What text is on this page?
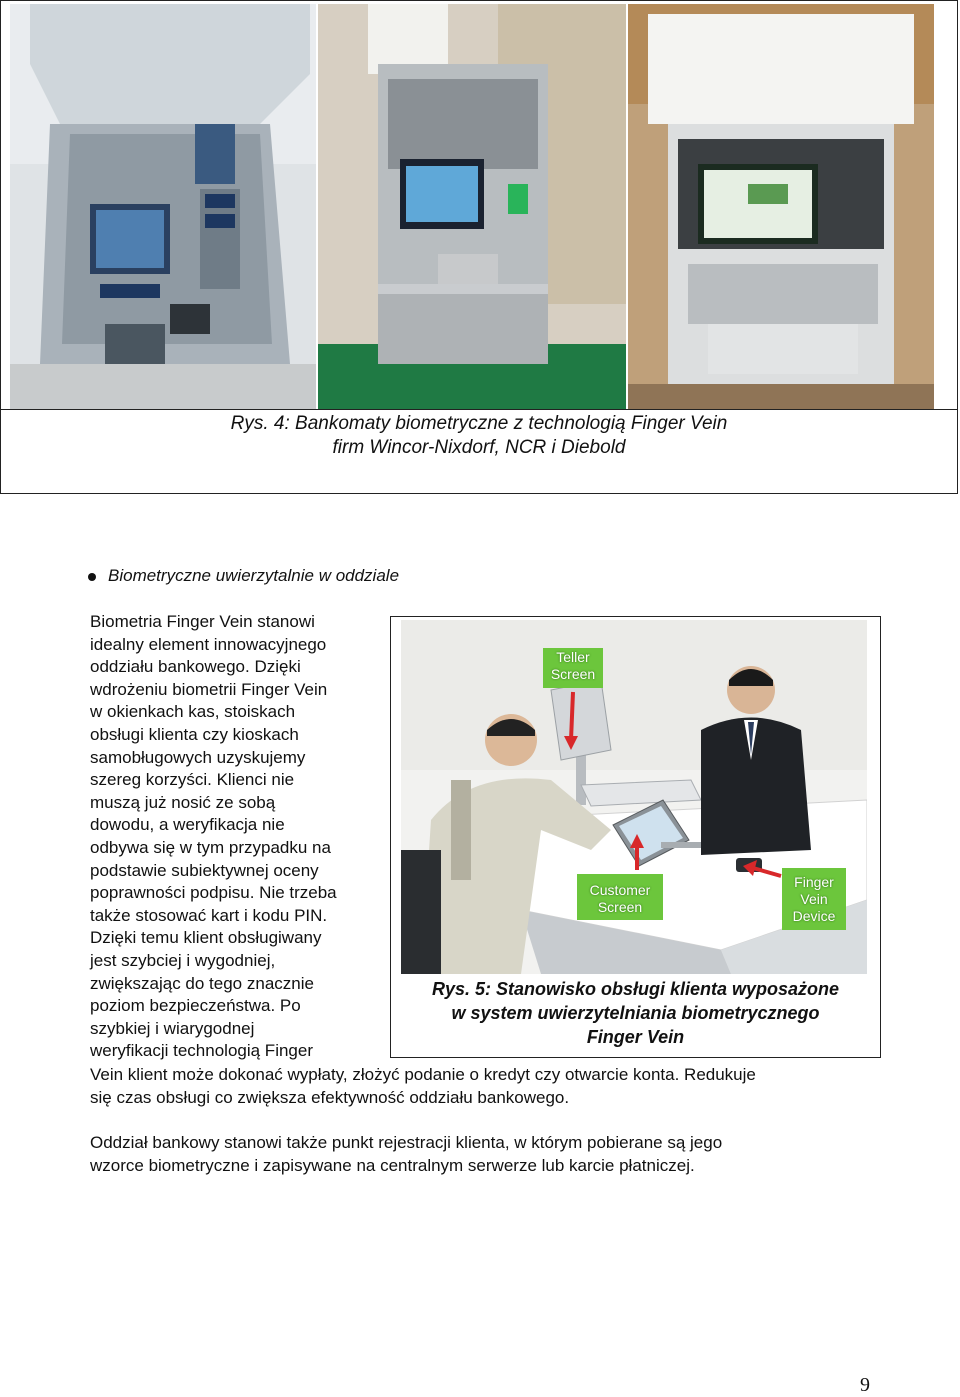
Rys. 4: Bankomaty biometryczne z technologią Finger Vein
firm Wincor-Nixdorf, NCR i Diebold
Biometryczne uwierzytalnie w oddziale
Biometria Finger Vein stanowi
idealny element innowacyjnego
oddziału bankowego. Dzięki
wdrożeniu biometrii Finger Vein
w okienkach kas, stoiskach
obsługi klienta czy kioskach
samobługowych uzyskujemy
szereg korzyści. Klienci nie
muszą już nosić ze sobą
dowodu, a weryfikacja nie
odbywa się w tym przypadku na
podstawie subiektywnej oceny
poprawności podpisu. Nie trzeba
także stosować kart i kodu PIN.
Dzięki temu klient obsługiwany
jest szybciej i wygodniej,
zwiększając do tego znacznie
poziom bezpieczeństwa. Po
szybkiej i wiarygodnej
weryfikacji technologią Finger
Vein klient może dokonać wypłaty, złożyć podanie o kredyt czy otwarcie konta. Redukuje
się czas obsługi co zwiększa efektywność oddziału bankowego.
Oddział bankowy stanowi także punkt rejestracji klienta, w którym pobierane są jego
wzorce biometryczne i zapisywane na centralnym serwerze lub karcie płatniczej.
Teller
Screen
Customer
Screen
Finger
Vein
Device
Rys. 5: Stanowisko obsługi klienta wyposażone
w system uwierzytelniania biometrycznego
Finger Vein
9
